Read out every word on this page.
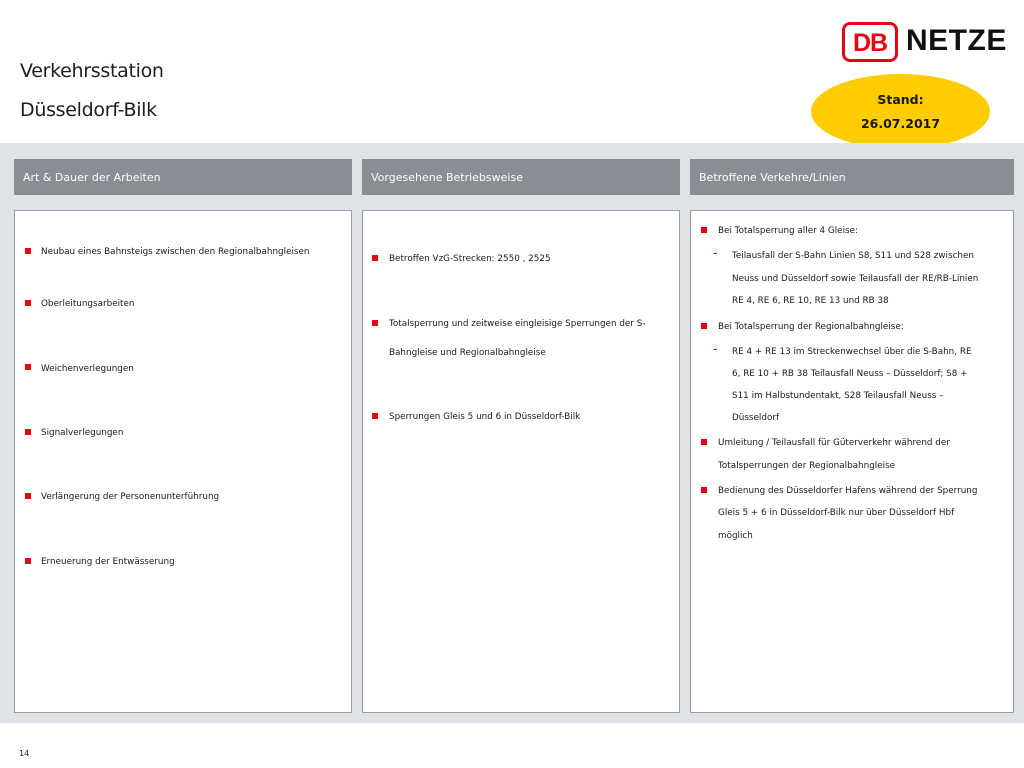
Verkehrsstation
Düsseldorf-Bilk
DB NETZE
Stand:
26.07.2017
Art & Dauer der Arbeiten
Neubau eines Bahnsteigs zwischen den Regionalbahngleisen
Oberleitungsarbeiten
Weichenverlegungen
Signalverlegungen
Verlängerung der Personenunterführung
Erneuerung der Entwässerung
Vorgesehene Betriebsweise
Betroffen VzG-Strecken: 2550 , 2525
Totalsperrung und zeitweise eingleisige Sperrungen der S-
Bahngleise und Regionalbahngleise
Sperrungen Gleis 5 und 6 in Düsseldorf-Bilk
Betroffene Verkehre/Linien
Bei Totalsperrung aller 4 Gleise:
– Teilausfall der S-Bahn Linien S8, S11 und S28 zwischen
Neuss und Düsseldorf sowie Teilausfall der RE/RB-Linien
RE 4, RE 6, RE 10, RE 13 und RB 38
Bei Totalsperrung der Regionalbahngleise:
– RE 4 + RE 13 im Streckenwechsel über die S-Bahn, RE
6, RE 10 + RB 38 Teilausfall Neuss – Düsseldorf; S8 +
S11 im Halbstundentakt, S28 Teilausfall Neuss –
Düsseldorf
Umleitung / Teilausfall für Güterverkehr während der
Totalsperrungen der Regionalbahngleise
Bedienung des Düsseldorfer Hafens während der Sperrung
Gleis 5 + 6 in Düsseldorf-Bilk nur über Düsseldorf Hbf
möglich
14
